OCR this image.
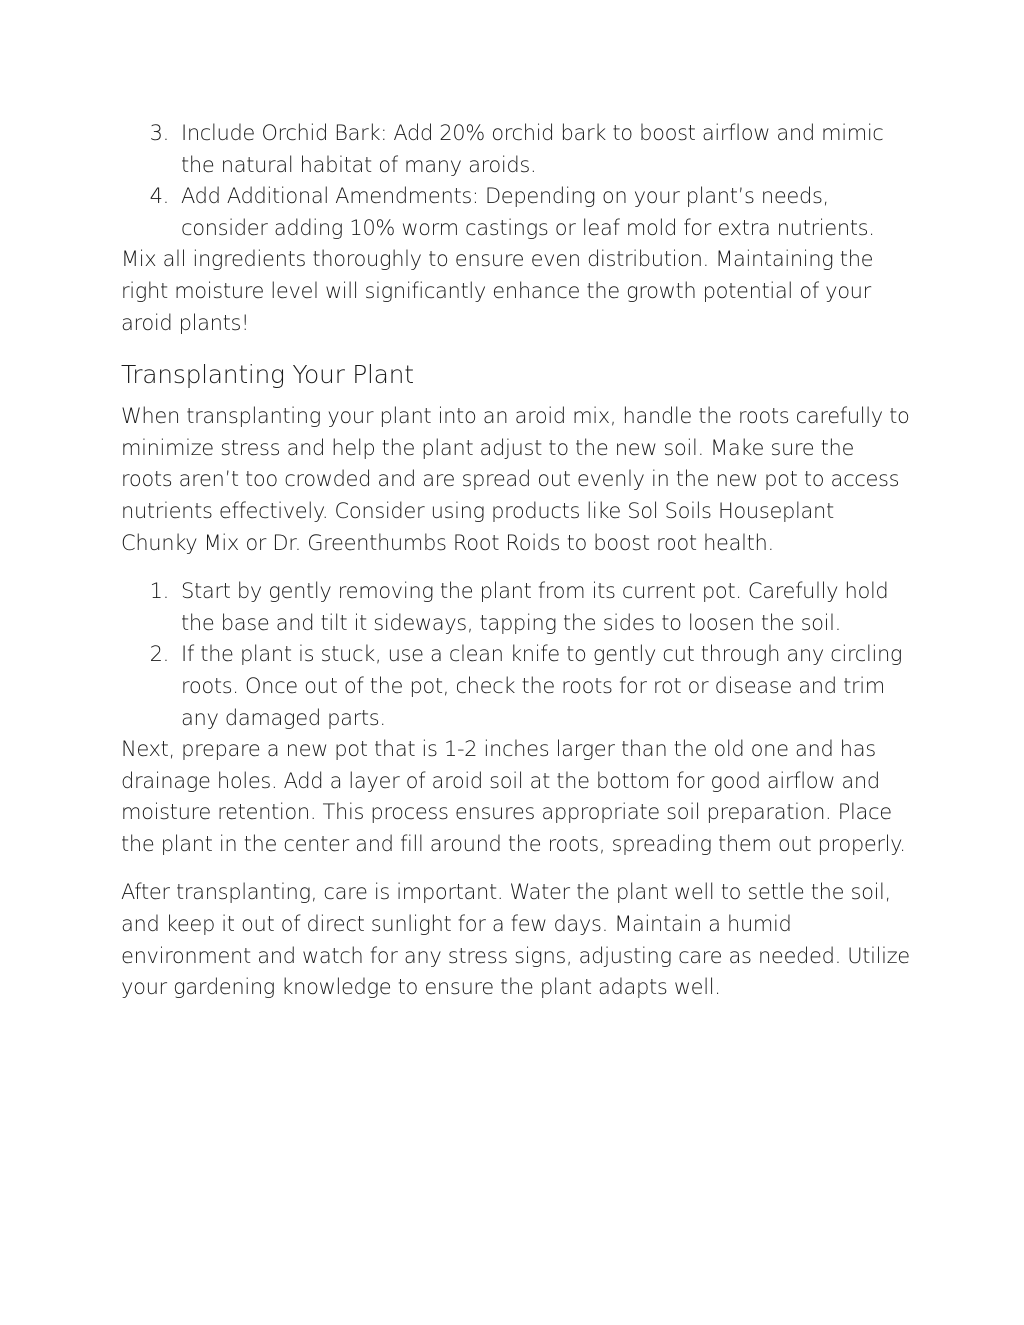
3. Include Orchid Bark: Add 20% orchid bark to boost airflow and mimic the natural habitat of many aroids.
4. Add Additional Amendments: Depending on your plant’s needs, consider adding 10% worm castings or leaf mold for extra nutrients.

Mix all ingredients thoroughly to ensure even distribution. Maintaining the right moisture level will significantly enhance the growth potential of your aroid plants!

Transplanting Your Plant

When transplanting your plant into an aroid mix, handle the roots carefully to minimize stress and help the plant adjust to the new soil. Make sure the roots aren’t too crowded and are spread out evenly in the new pot to access nutrients effectively. Consider using products like Sol Soils Houseplant Chunky Mix or Dr. Greenthumbs Root Roids to boost root health.

1. Start by gently removing the plant from its current pot. Carefully hold the base and tilt it sideways, tapping the sides to loosen the soil.
2. If the plant is stuck, use a clean knife to gently cut through any circling roots. Once out of the pot, check the roots for rot or disease and trim any damaged parts.

Next, prepare a new pot that is 1-2 inches larger than the old one and has drainage holes. Add a layer of aroid soil at the bottom for good airflow and moisture retention. This process ensures appropriate soil preparation. Place the plant in the center and fill around the roots, spreading them out properly.

After transplanting, care is important. Water the plant well to settle the soil, and keep it out of direct sunlight for a few days. Maintain a humid environment and watch for any stress signs, adjusting care as needed. Utilize your gardening knowledge to ensure the plant adapts well.
